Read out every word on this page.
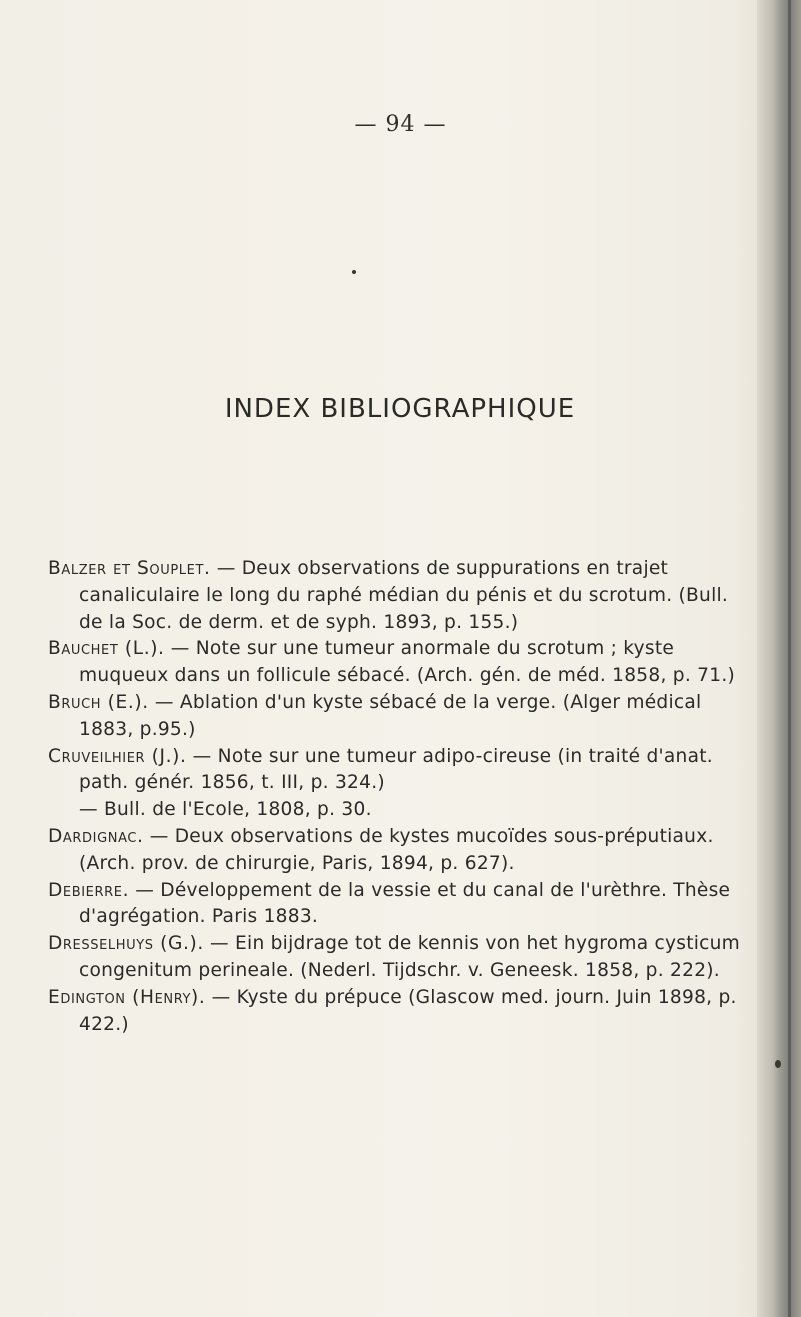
— 94 —
INDEX BIBLIOGRAPHIQUE

Balzer et Souplet. — Deux observations de suppurations en trajet canaliculaire le long du raphé médian du pénis et du scrotum. (Bull. de la Soc. de derm. et de syph. 1893, p. 155.)

Bauchet (L.). — Note sur une tumeur anormale du scrotum ; kyste muqueux dans un follicule sébacé. (Arch. gén. de méd. 1858, p. 71.)

Bruch (E.). — Ablation d'un kyste sébacé de la verge. (Alger médical 1883, p.95.)

Cruveilhier (J.). — Note sur une tumeur adipo-cireuse (in traité d'anat. path. génér. 1856, t. III, p. 324.)

— Bull. de l'Ecole, 1808, p. 30.

Dardignac. — Deux observations de kystes mucoïdes sous-préputiaux. (Arch. prov. de chirurgie, Paris, 1894, p. 627).

Debierre. — Développement de la vessie et du canal de l'urèthre. Thèse d'agrégation. Paris 1883.

Dresselhuys (G.). — Ein bijdrage tot de kennis von het hygroma cysticum congenitum perineale. (Nederl. Tijdschr. v. Geneesk. 1858, p. 222).

Edington (Henry). — Kyste du prépuce (Glascow med. journ. Juin 1898, p. 422.)
